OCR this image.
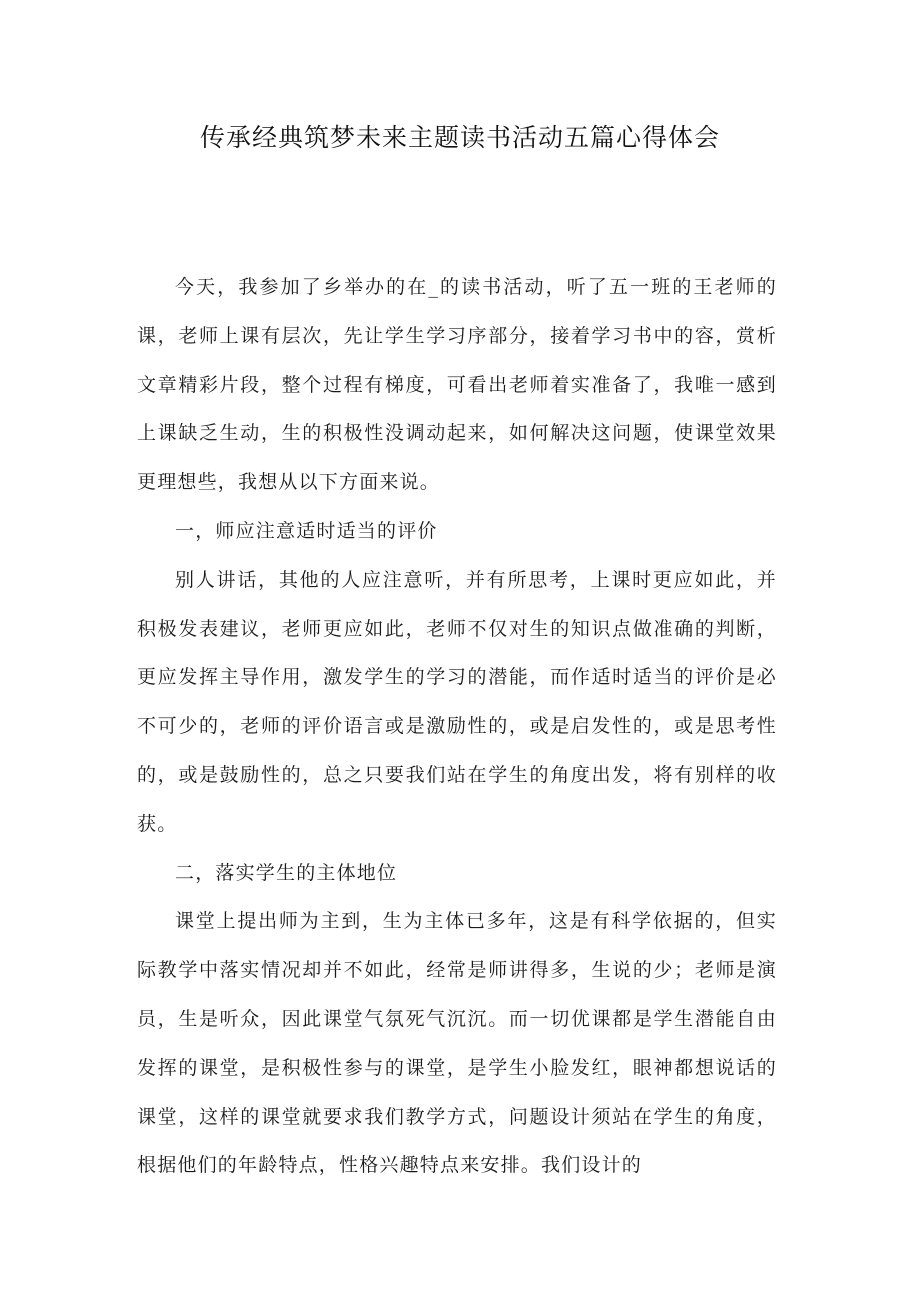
传承经典筑梦未来主题读书活动五篇心得体会

今天，我参加了乡举办的在_的读书活动，听了五一班的王老师的课，老师上课有层次，先让学生学习序部分，接着学习书中的容，赏析文章精彩片段，整个过程有梯度，可看出老师着实准备了，我唯一感到上课缺乏生动，生的积极性没调动起来，如何解决这问题，使课堂效果更理想些，我想从以下方面来说。

一，师应注意适时适当的评价

别人讲话，其他的人应注意听，并有所思考，上课时更应如此，并积极发表建议，老师更应如此，老师不仅对生的知识点做准确的判断，更应发挥主导作用，激发学生的学习的潜能，而作适时适当的评价是必不可少的，老师的评价语言或是激励性的，或是启发性的，或是思考性的，或是鼓励性的，总之只要我们站在学生的角度出发，将有别样的收获。

二，落实学生的主体地位

课堂上提出师为主到，生为主体已多年，这是有科学依据的，但实际教学中落实情况却并不如此，经常是师讲得多，生说的少；老师是演员，生是听众，因此课堂气氛死气沉沉。而一切优课都是学生潜能自由发挥的课堂，是积极性参与的课堂，是学生小脸发红，眼神都想说话的课堂，这样的课堂就要求我们教学方式，问题设计须站在学生的角度，根据他们的年龄特点，性格兴趣特点来安排。我们设计的
